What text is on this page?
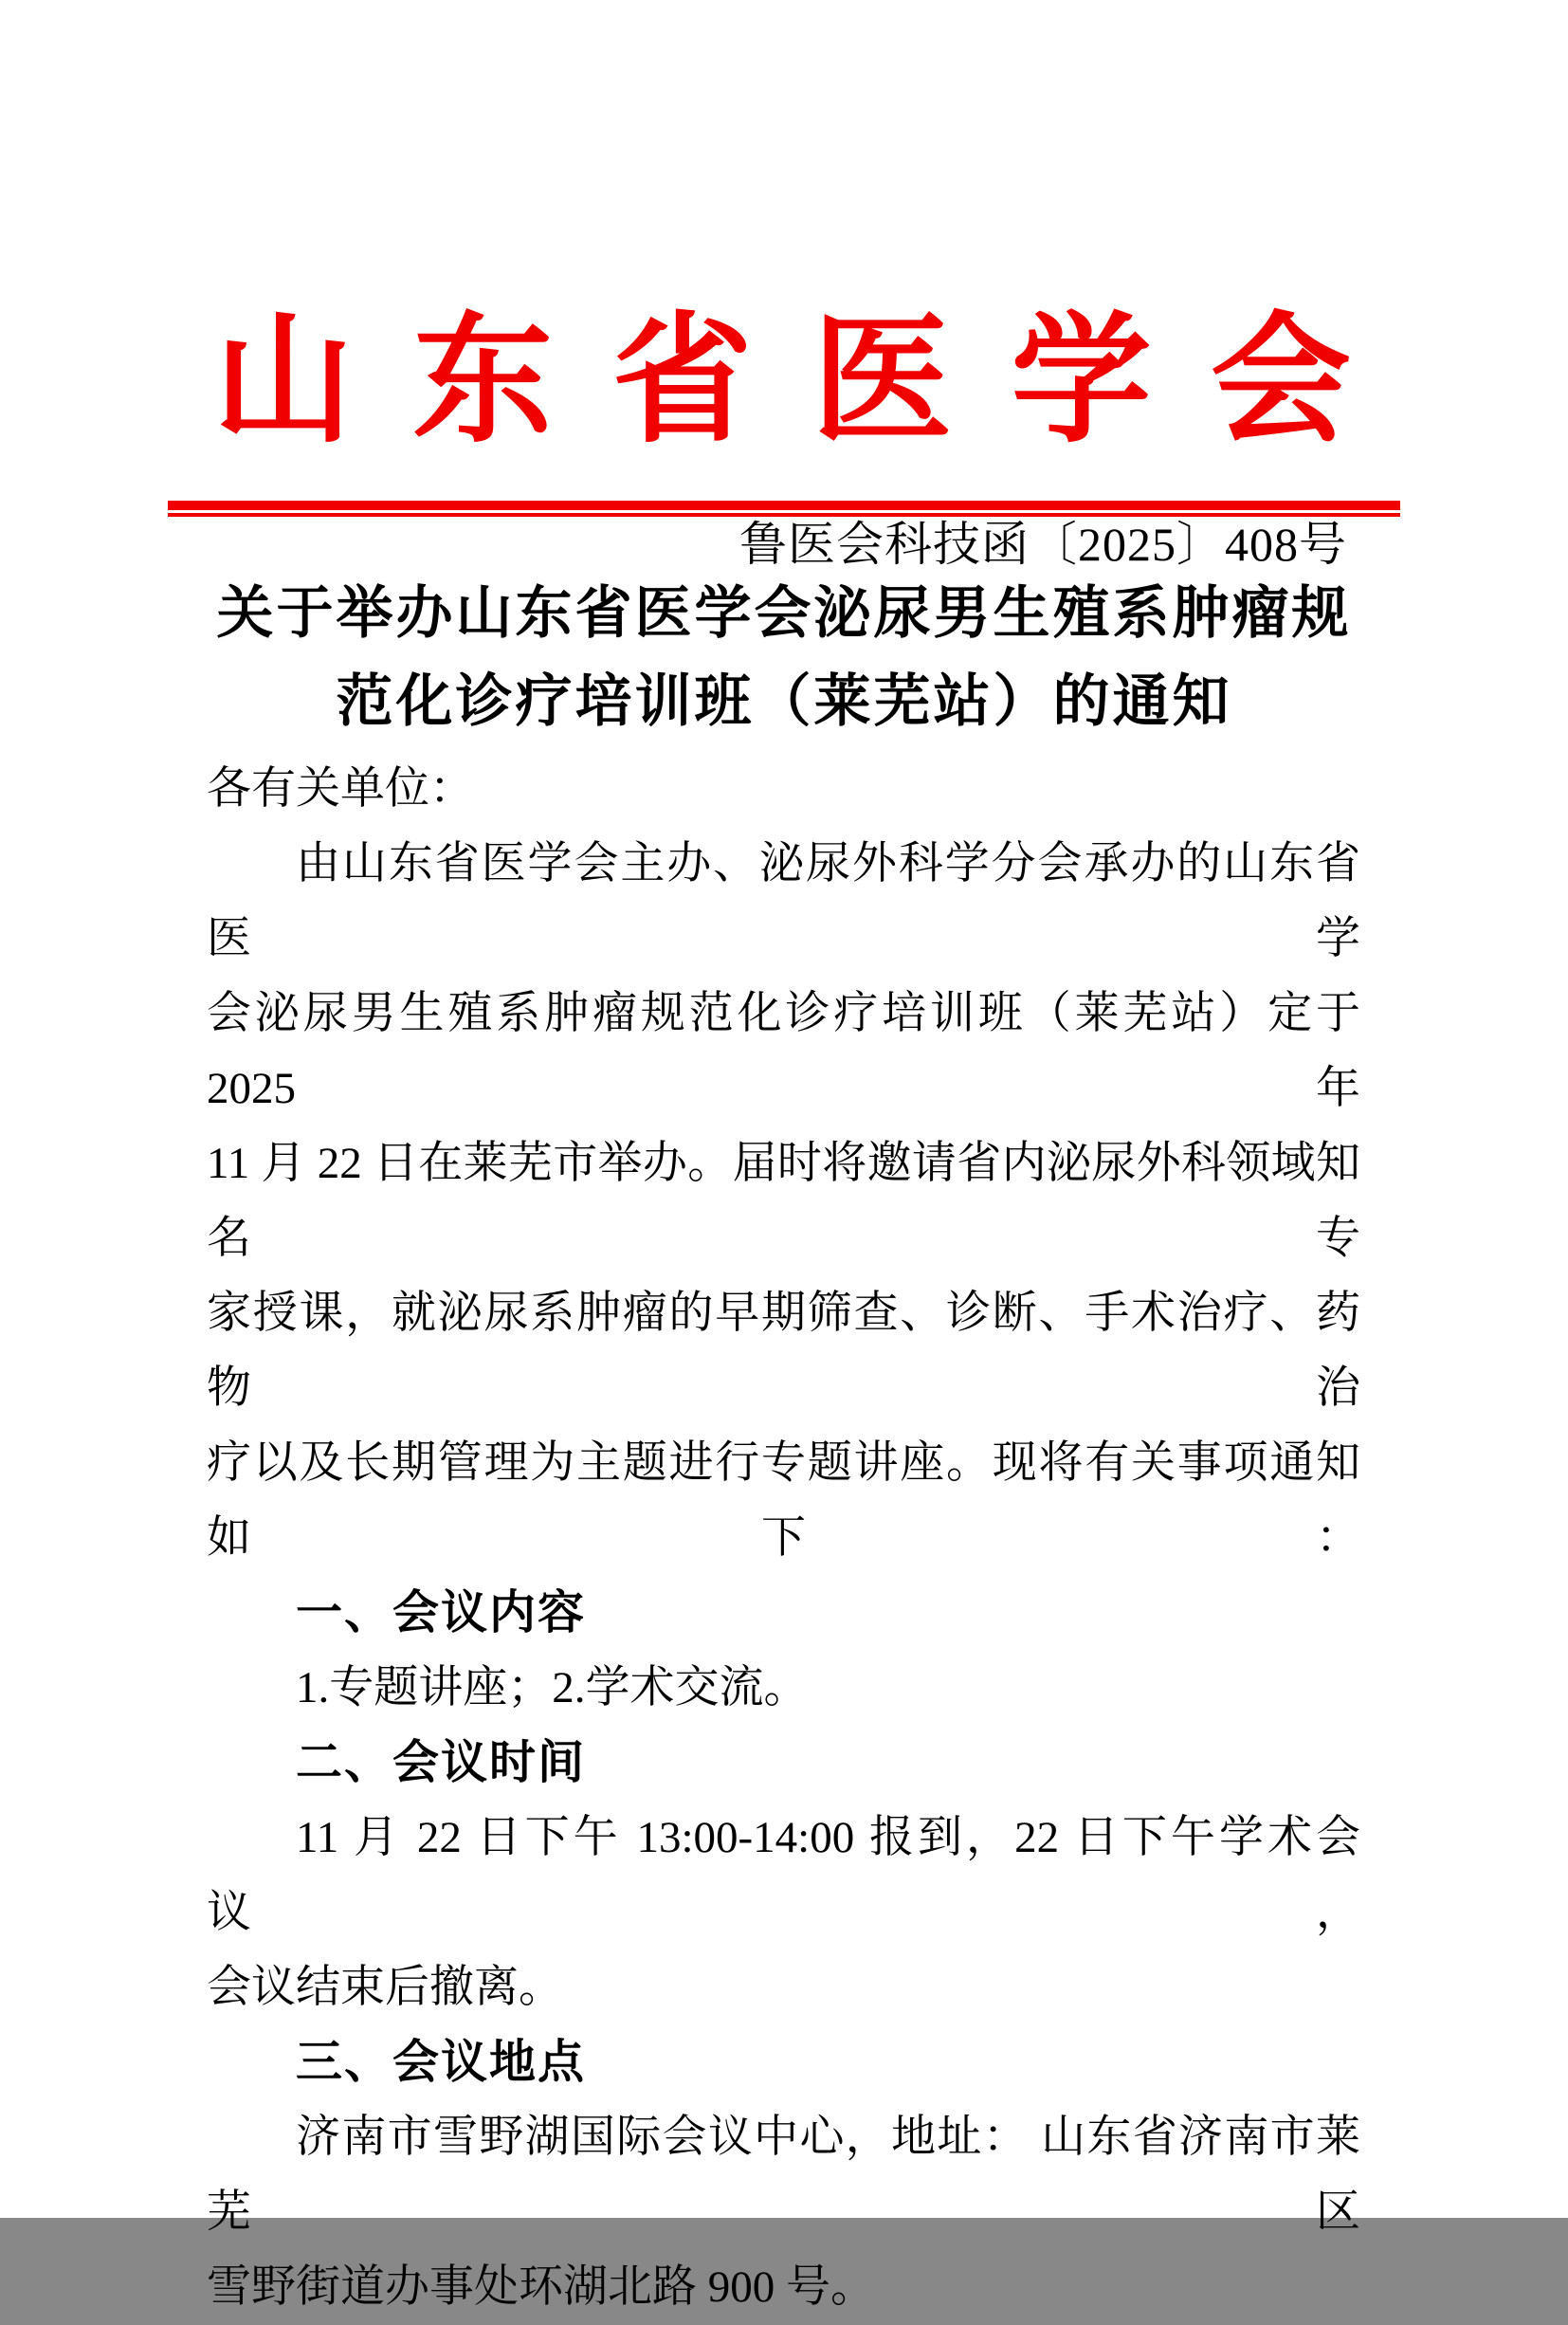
山 东 省 医 学 会
鲁医会科技函〔2025〕408号
关于举办山东省医学会泌尿男生殖系肿瘤规
范化诊疗培训班（莱芜站）的通知
各有关单位：
由山东省医学会主办、泌尿外科学分会承办的山东省医学
会泌尿男生殖系肿瘤规范化诊疗培训班（莱芜站）定于 2025 年
11 月 22 日在莱芜市举办。届时将邀请省内泌尿外科领域知名专
家授课，就泌尿系肿瘤的早期筛查、诊断、手术治疗、药物治
疗以及长期管理为主题进行专题讲座。现将有关事项通知如下：
一、会议内容
1.专题讲座；2.学术交流。
二、会议时间
11 月 22 日下午 13:00-14:00 报到，22 日下午学术会议，
会议结束后撤离。
三、会议地点
济南市雪野湖国际会议中心，地址： 山东省济南市莱芜区
雪野街道办事处环湖北路 900 号。
